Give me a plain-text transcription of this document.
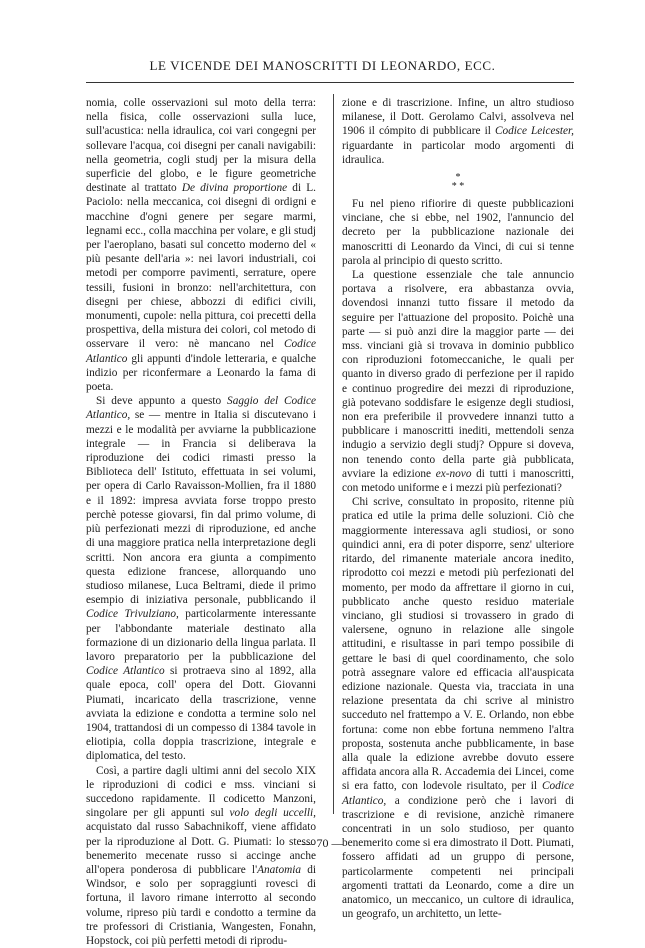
LE VICENDE DEI MANOSCRITTI DI LEONARDO, ECC.

nomia, colle osservazioni sul moto della terra: nella fisica, colle osservazioni sulla luce, sull'acustica: nella idraulica, coi vari congegni per sollevare l'acqua, coi disegni per canali navigabili: nella geometria, cogli studj per la misura della superficie del globo, e le figure geometriche destinate al trattato De divina proportione di L. Paciolo: nella meccanica, coi disegni di ordigni e macchine d'ogni genere per segare marmi, legnami ecc., colla macchina per volare, e gli studj per l'aeroplano, basati sul concetto moderno del « più pesante dell'aria »: nei lavori industriali, coi metodi per comporre pavimenti, serrature, opere tessili, fusioni in bronzo: nell'architettura, con disegni per chiese, abbozzi di edifici civili, monumenti, cupole: nella pittura, coi precetti della prospettiva, della mistura dei colori, col metodo di osservare il vero: nè mancano nel Codice Atlantico gli appunti d'indole letteraria, e qualche indizio per riconfermare a Leonardo la fama di poeta.

Si deve appunto a questo Saggio del Codice Atlantico, se — mentre in Italia si discutevano i mezzi e le modalità per avviarne la pubblicazione integrale — in Francia si deliberava la riproduzione dei codici rimasti presso la Biblioteca dell' Istituto, effettuata in sei volumi, per opera di Carlo Ravaisson-Mollien, fra il 1880 e il 1892: impresa avviata forse troppo presto perchè potesse giovarsi, fin dal primo volume, di più perfezionati mezzi di riproduzione, ed anche di una maggiore pratica nella interpretazione degli scritti. Non ancora era giunta a compimento questa edizione francese, allorquando uno studioso milanese, Luca Beltrami, diede il primo esempio di iniziativa personale, pubblicando il Codice Trivulziano, particolarmente interessante per l'abbondante materiale destinato alla formazione di un dizionario della lingua parlata. Il lavoro preparatorio per la pubblicazione del Codice Atlantico si protraeva sino al 1892, alla quale epoca, coll' opera del Dott. Giovanni Piumati, incaricato della trascrizione, venne avviata la edizione e condotta a termine solo nel 1904, trattandosi di un compesso di 1384 tavole in eliotipia, colla doppia trascrizione, integrale e diplomatica, del testo.

Così, a partire dagli ultimi anni del secolo XIX le riproduzioni di codici e mss. vinciani si succedono rapidamente. Il codicetto Manzoni, singolare per gli appunti sul volo degli uccelli, acquistato dal russo Sabachnikoff, viene affidato per la riproduzione al Dott. G. Piumati: lo stesso benemerito mecenate russo si accinge anche all'opera ponderosa di pubblicare l'Anatomia di Windsor, e solo per sopraggiunti rovesci di fortuna, il lavoro rimane interrotto al secondo volume, ripreso più tardi e condotto a termine da tre professori di Cristiania, Wangesten, Fonahn, Hopstock, coi più perfetti metodi di riprodu-

zione e di trascrizione. Infine, un altro studioso milanese, il Dott. Gerolamo Calvi, assolveva nel 1906 il cómpito di pubblicare il Codice Leicester, riguardante in particolar modo argomenti di idraulica.

*
* *

Fu nel pieno rifiorire di queste pubblicazioni vinciane, che si ebbe, nel 1902, l'annuncio del decreto per la pubblicazione nazionale dei manoscritti di Leonardo da Vinci, di cui si tenne parola al principio di questo scritto.

La questione essenziale che tale annuncio portava a risolvere, era abbastanza ovvia, dovendosi innanzi tutto fissare il metodo da seguire per l'attuazione del proposito. Poichè una parte — si può anzi dire la maggior parte — dei mss. vinciani già si trovava in dominio pubblico con riproduzioni fotomeccaniche, le quali per quanto in diverso grado di perfezione per il rapido e continuo progredire dei mezzi di riproduzione, già potevano soddisfare le esigenze degli studiosi, non era preferibile il provvedere innanzi tutto a pubblicare i manoscritti inediti, mettendoli senza indugio a servizio degli studj? Oppure si doveva, non tenendo conto della parte già pubblicata, avviare la edizione ex-novo di tutti i manoscritti, con metodo uniforme e i mezzi più perfezionati?

Chi scrive, consultato in proposito, ritenne più pratica ed utile la prima delle soluzioni. Ciò che maggiormente interessava agli studiosi, or sono quindici anni, era di poter disporre, senz' ulteriore ritardo, del rimanente materiale ancora inedito, riprodotto coi mezzi e metodi più perfezionati del momento, per modo da affrettare il giorno in cui, pubblicato anche questo residuo materiale vinciano, gli studiosi si trovassero in grado di valersene, ognuno in relazione alle singole attitudini, e risultasse in pari tempo possibile di gettare le basi di quel coordinamento, che solo potrà assegnare valore ed efficacia all'auspicata edizione nazionale. Questa via, tracciata in una relazione presentata da chi scrive al ministro succeduto nel frattempo a V. E. Orlando, non ebbe fortuna: come non ebbe fortuna nemmeno l'altra proposta, sostenuta anche pubblicamente, in base alla quale la edizione avrebbe dovuto essere affidata ancora alla R. Accademia dei Lincei, come si era fatto, con lodevole risultato, per il Codice Atlantico, a condizione però che i lavori di trascrizione e di revisione, anzichè rimanere concentrati in un solo studioso, per quanto benemerito come si era dimostrato il Dott. Piumati, fossero affidati ad un gruppo di persone, particolarmente competenti nei principali argomenti trattati da Leonardo, come a dire un anatomico, un meccanico, un cultore di idraulica, un geografo, un architetto, un lette-

— 70 —
